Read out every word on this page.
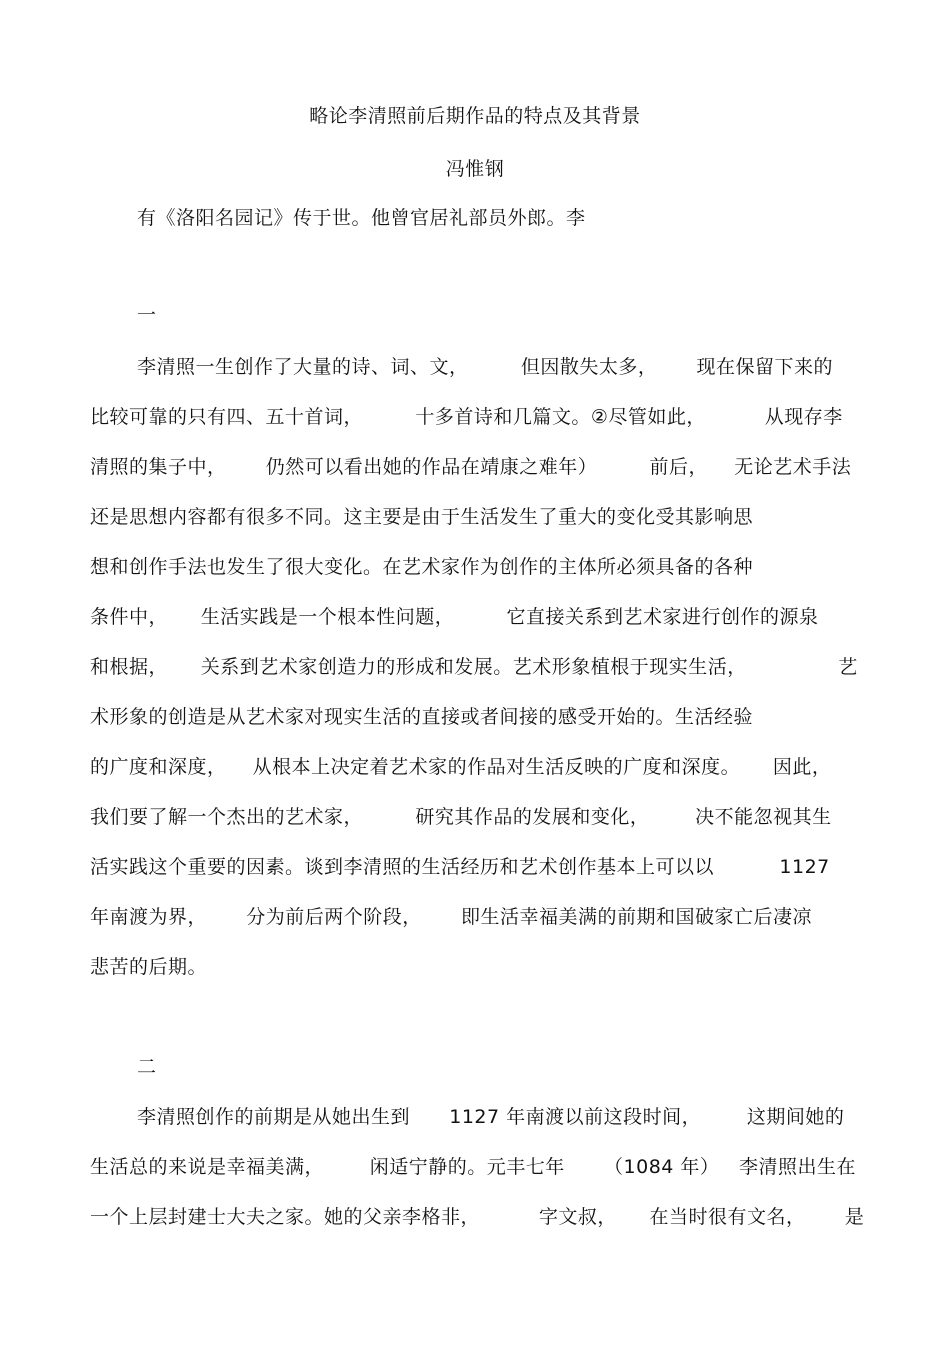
略论李清照前后期作品的特点及其背景
冯惟钢
有《洛阳名园记》传于世。他曾官居礼部员外郎。李
一
李清照一生创作了大量的诗、词、文，        但因散失太多，      现在保留下来的
比较可靠的只有四、五十首词，        十多首诗和几篇文。②尽管如此，         从现存李
清照的集子中，      仍然可以看出她的作品在靖康之难年）        前后，    无论艺术手法
还是思想内容都有很多不同。这主要是由于生活发生了重大的变化受其影响思
想和创作手法也发生了很大变化。在艺术家作为创作的主体所必须具备的各种
条件中，     生活实践是一个根本性问题，        它直接关系到艺术家进行创作的源泉
和根据，     关系到艺术家创造力的形成和发展。艺术形象植根于现实生活，              艺
术形象的创造是从艺术家对现实生活的直接或者间接的感受开始的。生活经验
的广度和深度，    从根本上决定着艺术家的作品对生活反映的广度和深度。     因此，
我们要了解一个杰出的艺术家，        研究其作品的发展和变化，       决不能忽视其生
活实践这个重要的因素。谈到李清照的生活经历和艺术创作基本上可以以          1127
年南渡为界，      分为前后两个阶段，      即生活幸福美满的前期和国破家亡后凄凉
悲苦的后期。
二
李清照创作的前期是从她出生到      1127 年南渡以前这段时间，       这期间她的
生活总的来说是幸福美满，       闲适宁静的。元丰七年      （1084 年）   李清照出生在
一个上层封建士大夫之家。她的父亲李格非，         字文叔，     在当时很有文名，      是
